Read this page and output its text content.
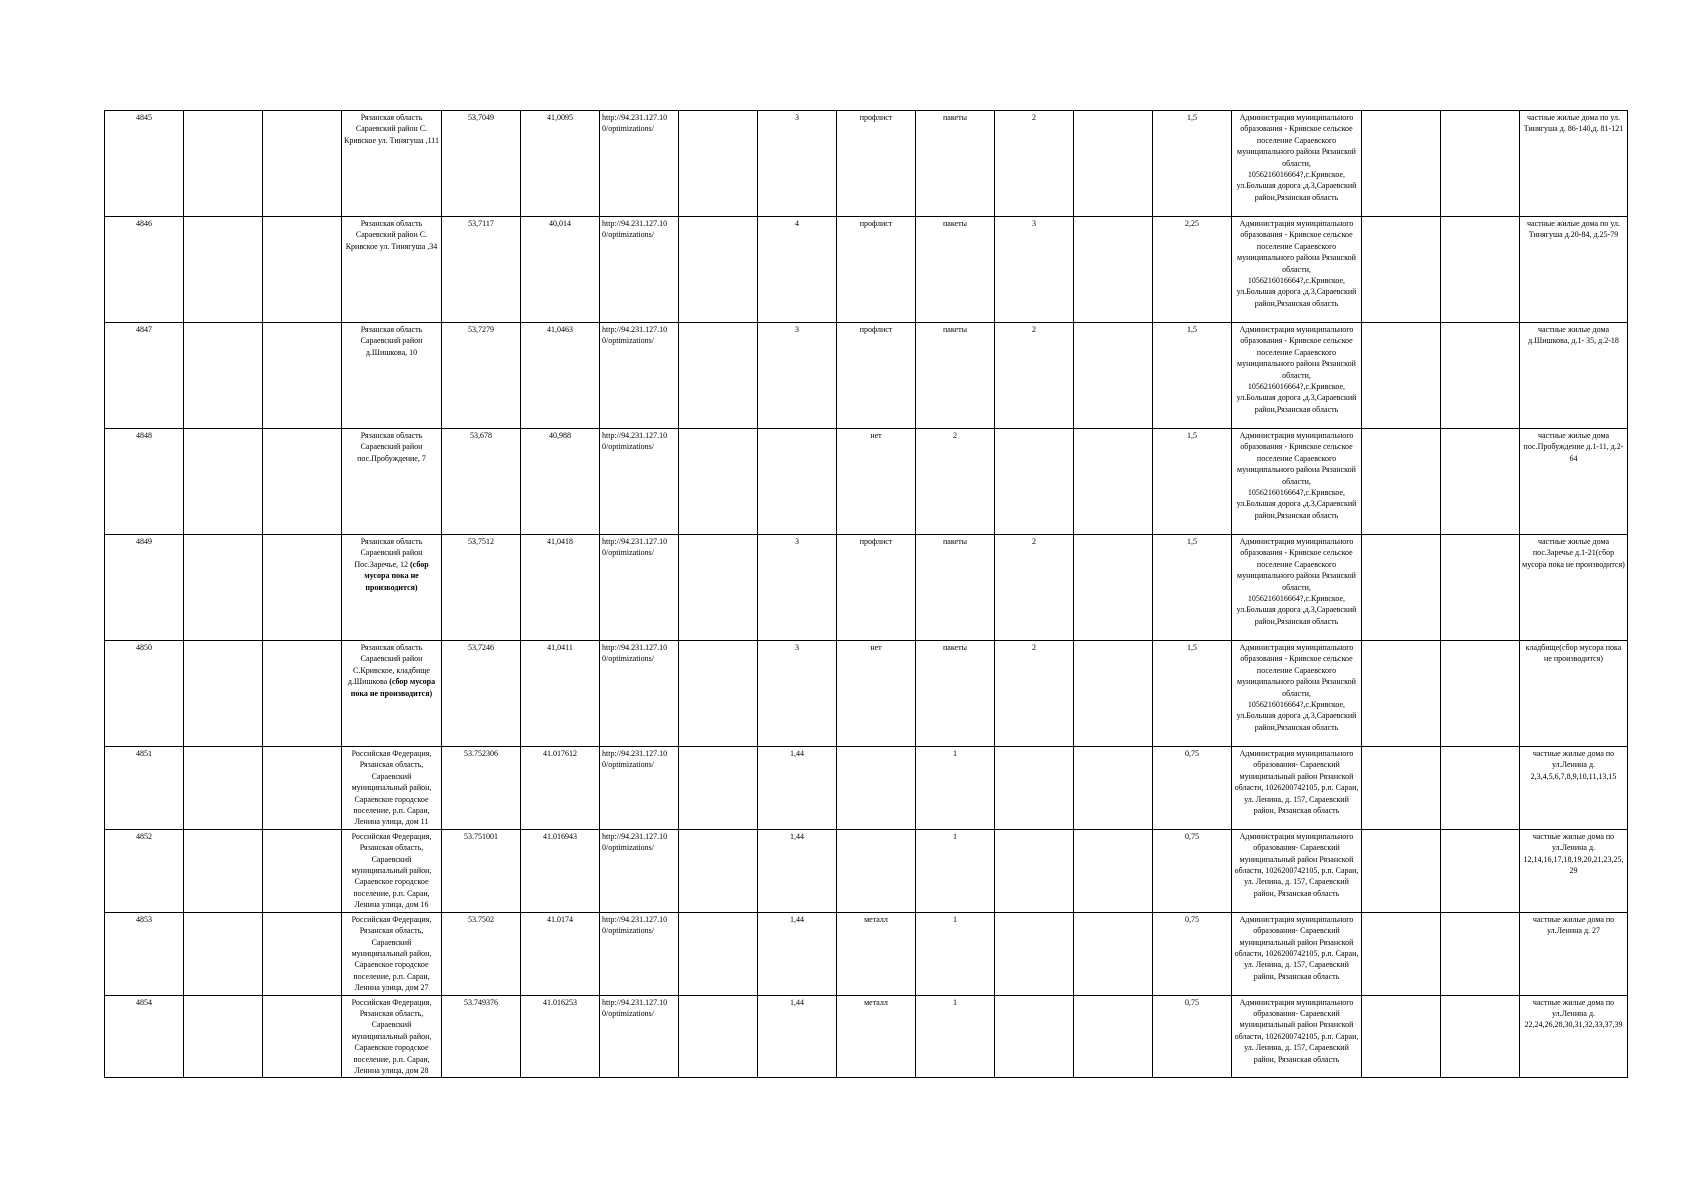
4845			Рязанская область Сараевский район С. Кривское ул. Тинягуша ,111	53,7049	41,0095	http://94.231.127.10 0/optimizations/		3	профлист	пакеты	2		1,5	Администрация муниципального образования - Кривское сельское поселение Сараевского муниципального района Рязанской области, 1056216016664?,с.Кривское, ул.Большая дорога ,д.3,Сараевский район,Рязанская область			частные жилые дома по ул. Тинягуша д. 86-140,д. 81-121
4846			Рязанская область Сараевский район С. Кривское ул. Тинягуша ,34	53,7117	40,014	http://94.231.127.10 0/optimizations/		4	профлист	пакеты	3		2,25	Администрация муниципального образования - Кривское сельское поселение Сараевского муниципального района Рязанской области, 1056216016664?,с.Кривское, ул.Большая дорога ,д.3,Сараевский район,Рязанская область			частные жилые дома по ул. Тинягуша д.20-84, д.25-79
4847			Рязанская область Сараевский район д.Шишкова, 10	53,7279	41,0463	http://94.231.127.10 0/optimizations/		3	профлист	пакеты	2		1,5	Администрация муниципального образования - Кривское сельское поселение Сараевского муниципального района Рязанской области, 1056216016664?,с.Кривское, ул.Большая дорога ,д.3,Сараевский район,Рязанская область			частные жилые дома д.Шишкова, д.1- 35, д.2-18
4848			Рязанская область Сараевский район пос.Пробуждение, 7	53,678	40,988	http://94.231.127.10 0/optimizations/			нет	2			1,5	Администрация муниципального образования - Кривское сельское поселение Сараевского муниципального района Рязанской области, 1056216016664?,с.Кривское, ул.Большая дорога ,д.3,Сараевский район,Рязанская область			частные жилые дома пос.Пробуждение д.1-11, д.2-64
4849			Рязанская область Сараевский район Пос.Заречье, 12 (сбор мусора пока не производится)	53,7512	41,0418	http://94.231.127.10 0/optimizations/		3	профлист	пакеты	2		1,5	Администрация муниципального образования - Кривское сельское поселение Сараевского муниципального района Рязанской области, 1056216016664?,с.Кривское, ул.Большая дорога ,д.3,Сараевский район,Рязанская область			частные жилые дома пос.Заречье д.1-21(сбор мусора пока не производится)
4850			Рязанская область Сараевский район С.Кривское, кладбище д.Шишкова (сбор мусора пока не производится)	53,7246	41,0411	http://94.231.127.10 0/optimizations/		3	нет	пакеты	2		1,5	Администрация муниципального образования - Кривское сельское поселение Сараевского муниципального района Рязанской области, 1056216016664?,с.Кривское, ул.Большая дорога ,д.3,Сараевский район,Рязанская область			кладбище(сбор мусора пока не производится)
4851			Российская Федерация, Рязанская область, Сараевский муниципальный район, Сараевское городское поселение, р.п. Сараи, Ленина улица, дом 11	53.752306	41.017612	http://94.231.127.10 0/optimizations/		1,44		1			0,75	Администрация муниципального образования- Сараевский муниципальный район Рязанской области, 1026200742105, р.п. Сараи, ул. Ленина, д. 157, Сараевский район, Рязанская область			частные жилые дома по ул.Ленина д. 2,3,4,5,6,7,8,9,10,11,13,15
4852			Российская Федерация, Рязанская область, Сараевский муниципальный район, Сараевское городское поселение, р.п. Сараи, Ленина улица, дом 16	53.751001	41.016943	http://94.231.127.10 0/optimizations/		1,44		1			0,75	Администрация муниципального образования- Сараевский муниципальный район Рязанской области, 1026200742105, р.п. Сараи, ул. Ленина, д. 157, Сараевский район, Рязанская область			частные жилые дома по ул.Ленина д. 12,14,16,17,18,19,20,21,23,25,29
4853			Российская Федерация, Рязанская область, Сараевский муниципальный район, Сараевское городское поселение, р.п. Сараи, Ленина улица, дом 27	53.7502	41.0174	http://94.231.127.10 0/optimizations/		1,44	металл	1			0,75	Администрация муниципального образования- Сараевский муниципальный район Рязанской области, 1026200742105, р.п. Сараи, ул. Ленина, д. 157, Сараевский район, Рязанская область			частные жилые дома по ул.Ленина д. 27
4854			Российская Федерация, Рязанская область, Сараевский муниципальный район, Сараевское городское поселение, р.п. Сараи, Ленина улица, дом 28	53.749376	41.016253	http://94.231.127.10 0/optimizations/		1,44	металл	1			0,75	Администрация муниципального образования- Сараевский муниципальный район Рязанской области, 1026200742105, р.п. Сараи, ул. Ленина, д. 157, Сараевский район, Рязанская область			частные жилые дома по ул.Ленина д. 22,24,26,28,30,31,32,33,37,39
